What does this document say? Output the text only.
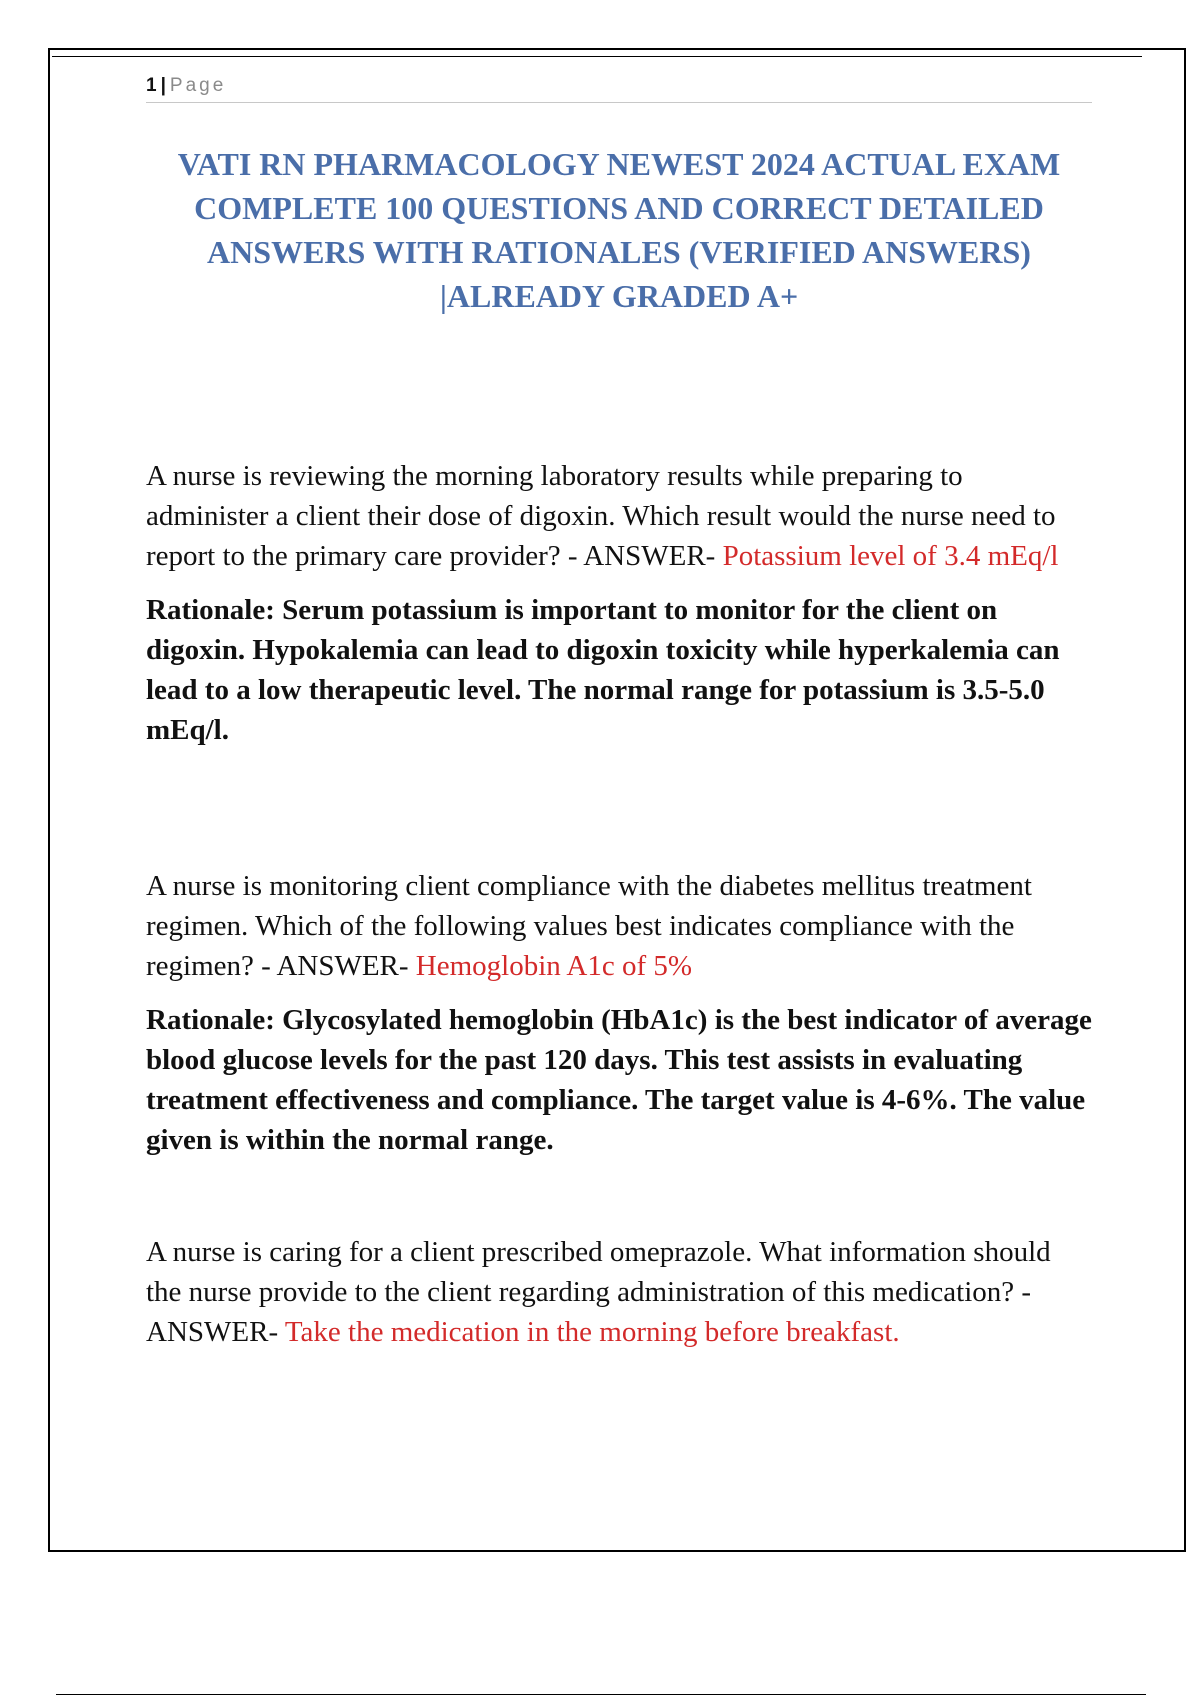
1 | Page
VATI RN PHARMACOLOGY NEWEST 2024 ACTUAL EXAM COMPLETE 100 QUESTIONS AND CORRECT DETAILED ANSWERS WITH RATIONALES (VERIFIED ANSWERS) |ALREADY GRADED A+

A nurse is reviewing the morning laboratory results while preparing to administer a client their dose of digoxin. Which result would the nurse need to report to the primary care provider? - ANSWER- Potassium level of 3.4 mEq/l

Rationale: Serum potassium is important to monitor for the client on digoxin. Hypokalemia can lead to digoxin toxicity while hyperkalemia can lead to a low therapeutic level. The normal range for potassium is 3.5-5.0 mEq/l.

A nurse is monitoring client compliance with the diabetes mellitus treatment regimen. Which of the following values best indicates compliance with the regimen? - ANSWER- Hemoglobin A1c of 5%

Rationale: Glycosylated hemoglobin (HbA1c) is the best indicator of average blood glucose levels for the past 120 days. This test assists in evaluating treatment effectiveness and compliance. The target value is 4-6%. The value given is within the normal range.

A nurse is caring for a client prescribed omeprazole. What information should the nurse provide to the client regarding administration of this medication? - ANSWER- Take the medication in the morning before breakfast.
